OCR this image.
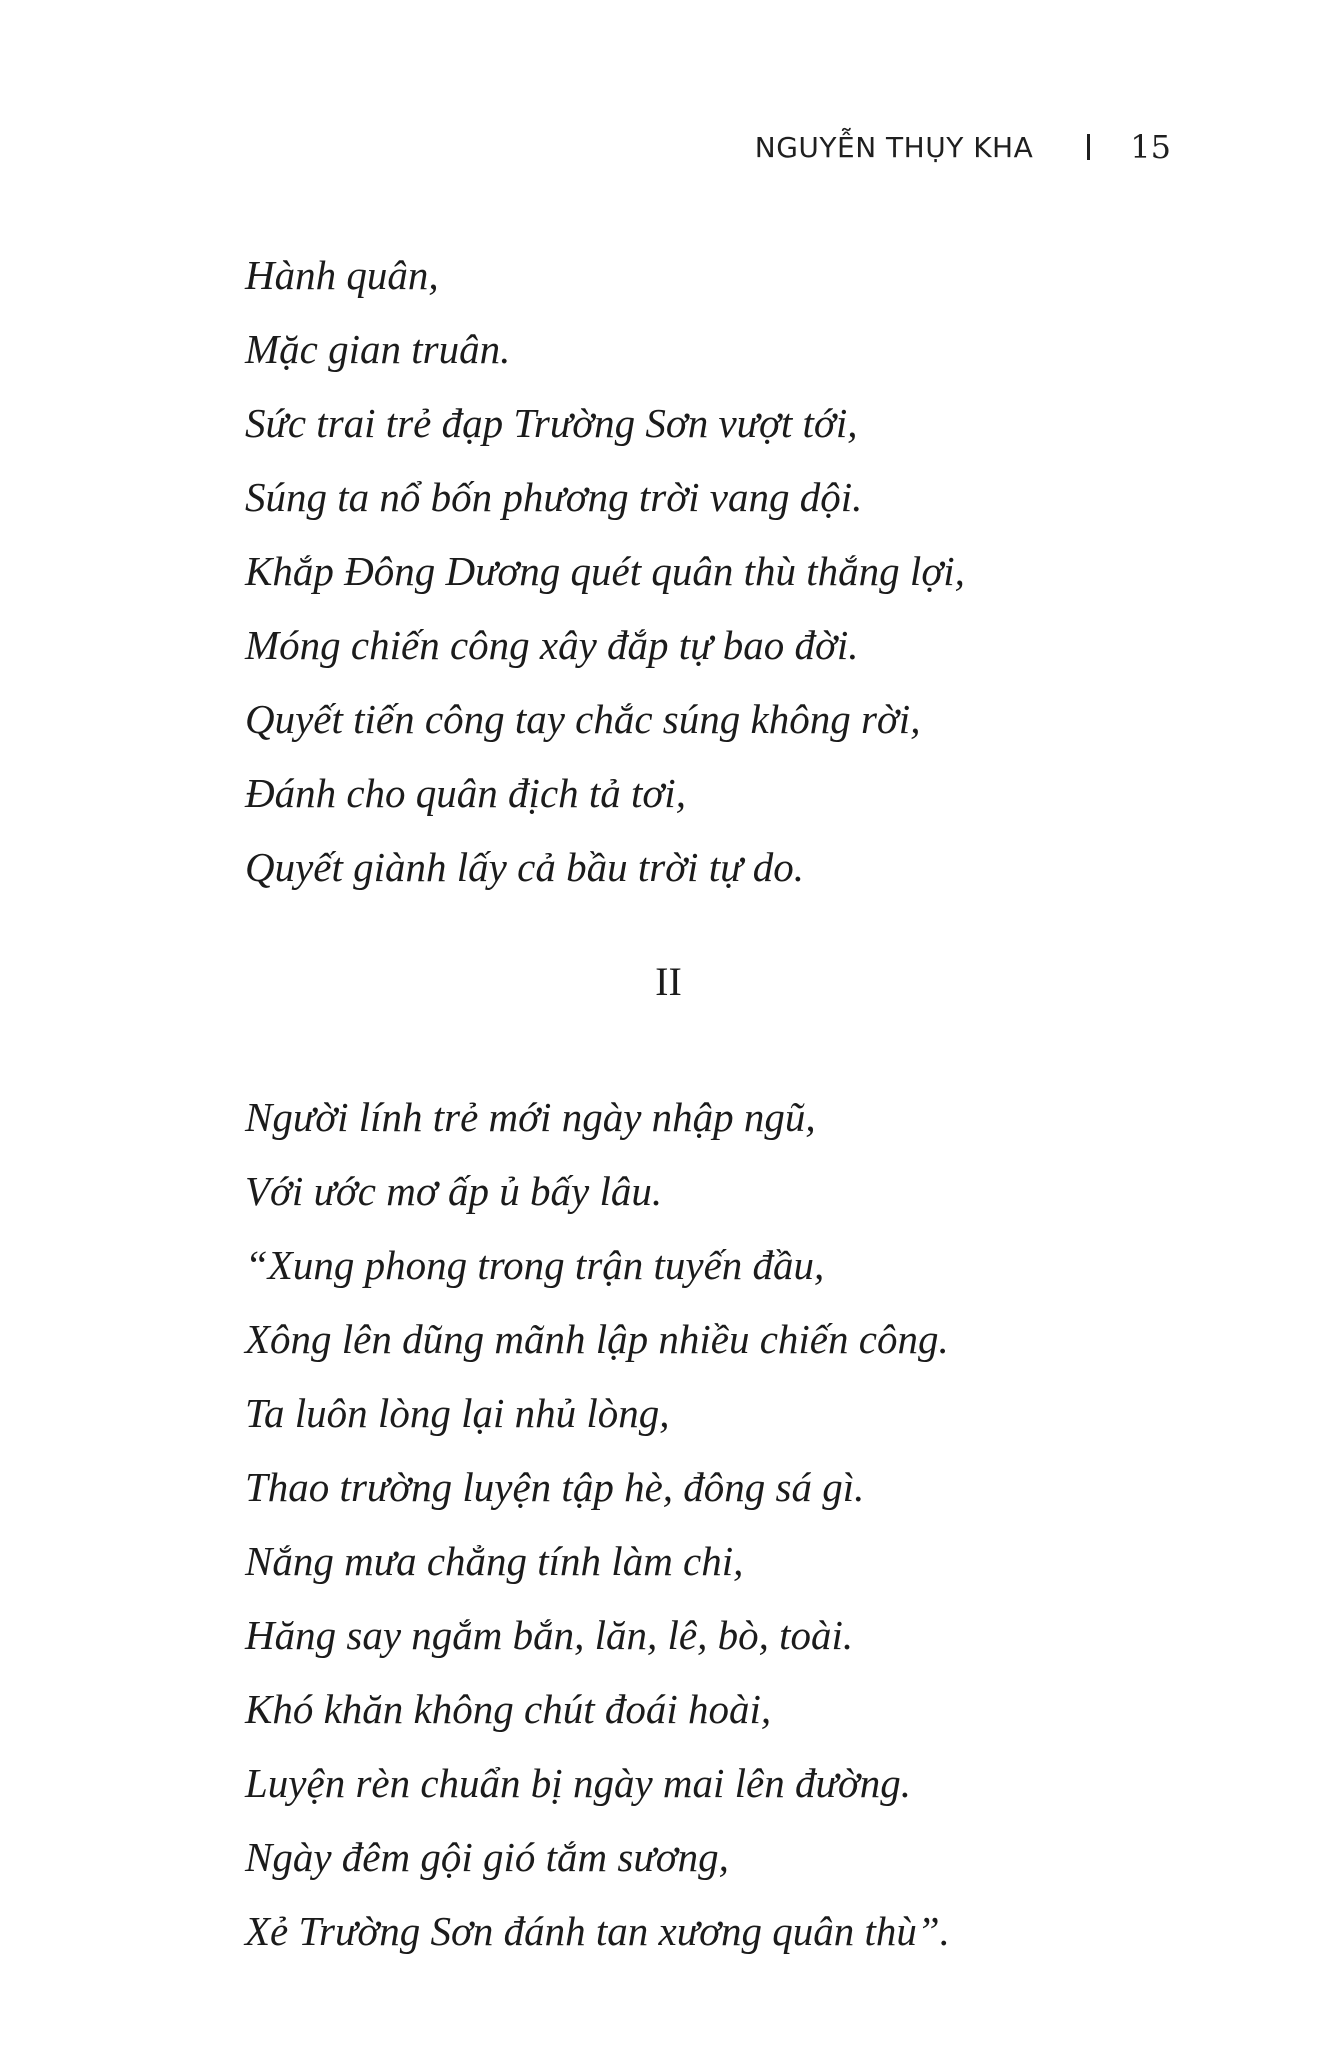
NGUYỄN THỤY KHA	15
Hành quân,
Mặc gian truân.
Sức trai trẻ đạp Trường Sơn vượt tới,
Súng ta nổ bốn phương trời vang dội.
Khắp Đông Dương quét quân thù thắng lợi,
Móng chiến công xây đắp tự bao đời.
Quyết tiến công tay chắc súng không rời,
Đánh cho quân địch tả tơi,
Quyết giành lấy cả bầu trời tự do.
II
Người lính trẻ mới ngày nhập ngũ,
Với ước mơ ấp ủ bấy lâu.
“Xung phong trong trận tuyến đầu,
Xông lên dũng mãnh lập nhiều chiến công.
Ta luôn lòng lại nhủ lòng,
Thao trường luyện tập hè, đông sá gì.
Nắng mưa chẳng tính làm chi,
Hăng say ngắm bắn, lăn, lê, bò, toài.
Khó khăn không chút đoái hoài,
Luyện rèn chuẩn bị ngày mai lên đường.
Ngày đêm gội gió tắm sương,
Xẻ Trường Sơn đánh tan xương quân thù”.
